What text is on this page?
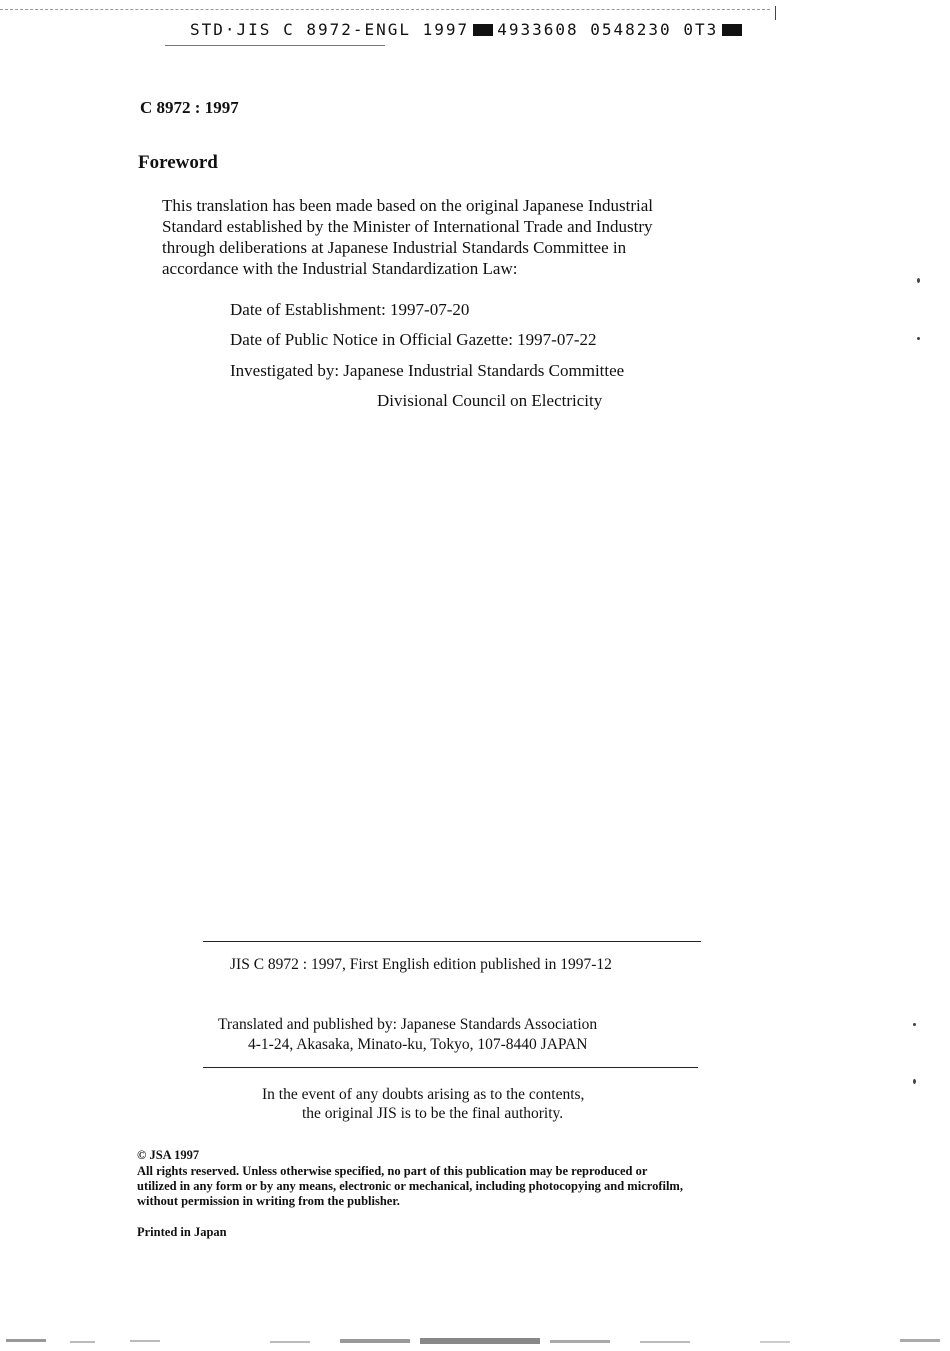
STD·JIS C 8972-ENGL 1997 4933608 0548230 0T3
C 8972 : 1997
Foreword
This translation has been made based on the original Japanese Industrial
Standard established by the Minister of International Trade and Industry
through deliberations at Japanese Industrial Standards Committee in
accordance with the Industrial Standardization Law:
Date of Establishment: 1997-07-20
Date of Public Notice in Official Gazette: 1997-07-22
Investigated by: Japanese Industrial Standards Committee
Divisional Council on Electricity
JIS C 8972 : 1997, First English edition published in 1997-12
Translated and published by: Japanese Standards Association
4-1-24, Akasaka, Minato-ku, Tokyo, 107-8440 JAPAN
In the event of any doubts arising as to the contents,
the original JIS is to be the final authority.
© JSA 1997
All rights reserved. Unless otherwise specified, no part of this publication may be reproduced or
utilized in any form or by any means, electronic or mechanical, including photocopying and microfilm,
without permission in writing from the publisher.
Printed in Japan
